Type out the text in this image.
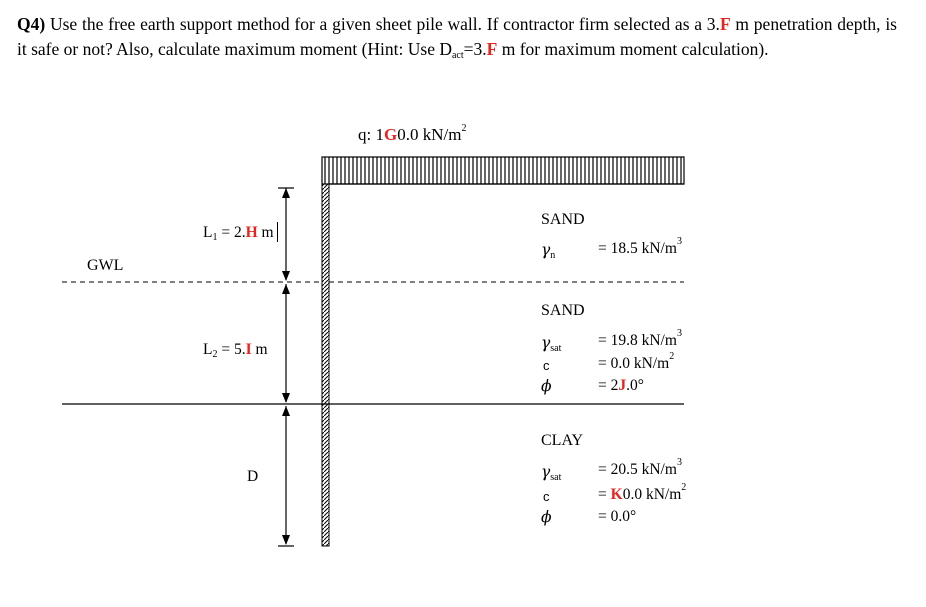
Q4) Use the free earth support method for a given sheet pile wall. If contractor firm selected as a 3.F m penetration depth, is it safe or not? Also, calculate maximum moment (Hint: Use Dact=3.F m for maximum moment calculation).
q: 1G0.0 $kN/m^2$
L1 = 2.H m
L2 = 5.I m
D
GWL
SAND
γn	= 18.5 $kN/m^3$
SAND
γsat = 19.8 $kN/m^3$
c	= 0.0 $kN/m^2$
ϕ	= 2J.0°
CLAY
γsat = 20.5 $kN/m^3$
c	= K0.0 $kN/m^2$
ϕ	= 0.0°
